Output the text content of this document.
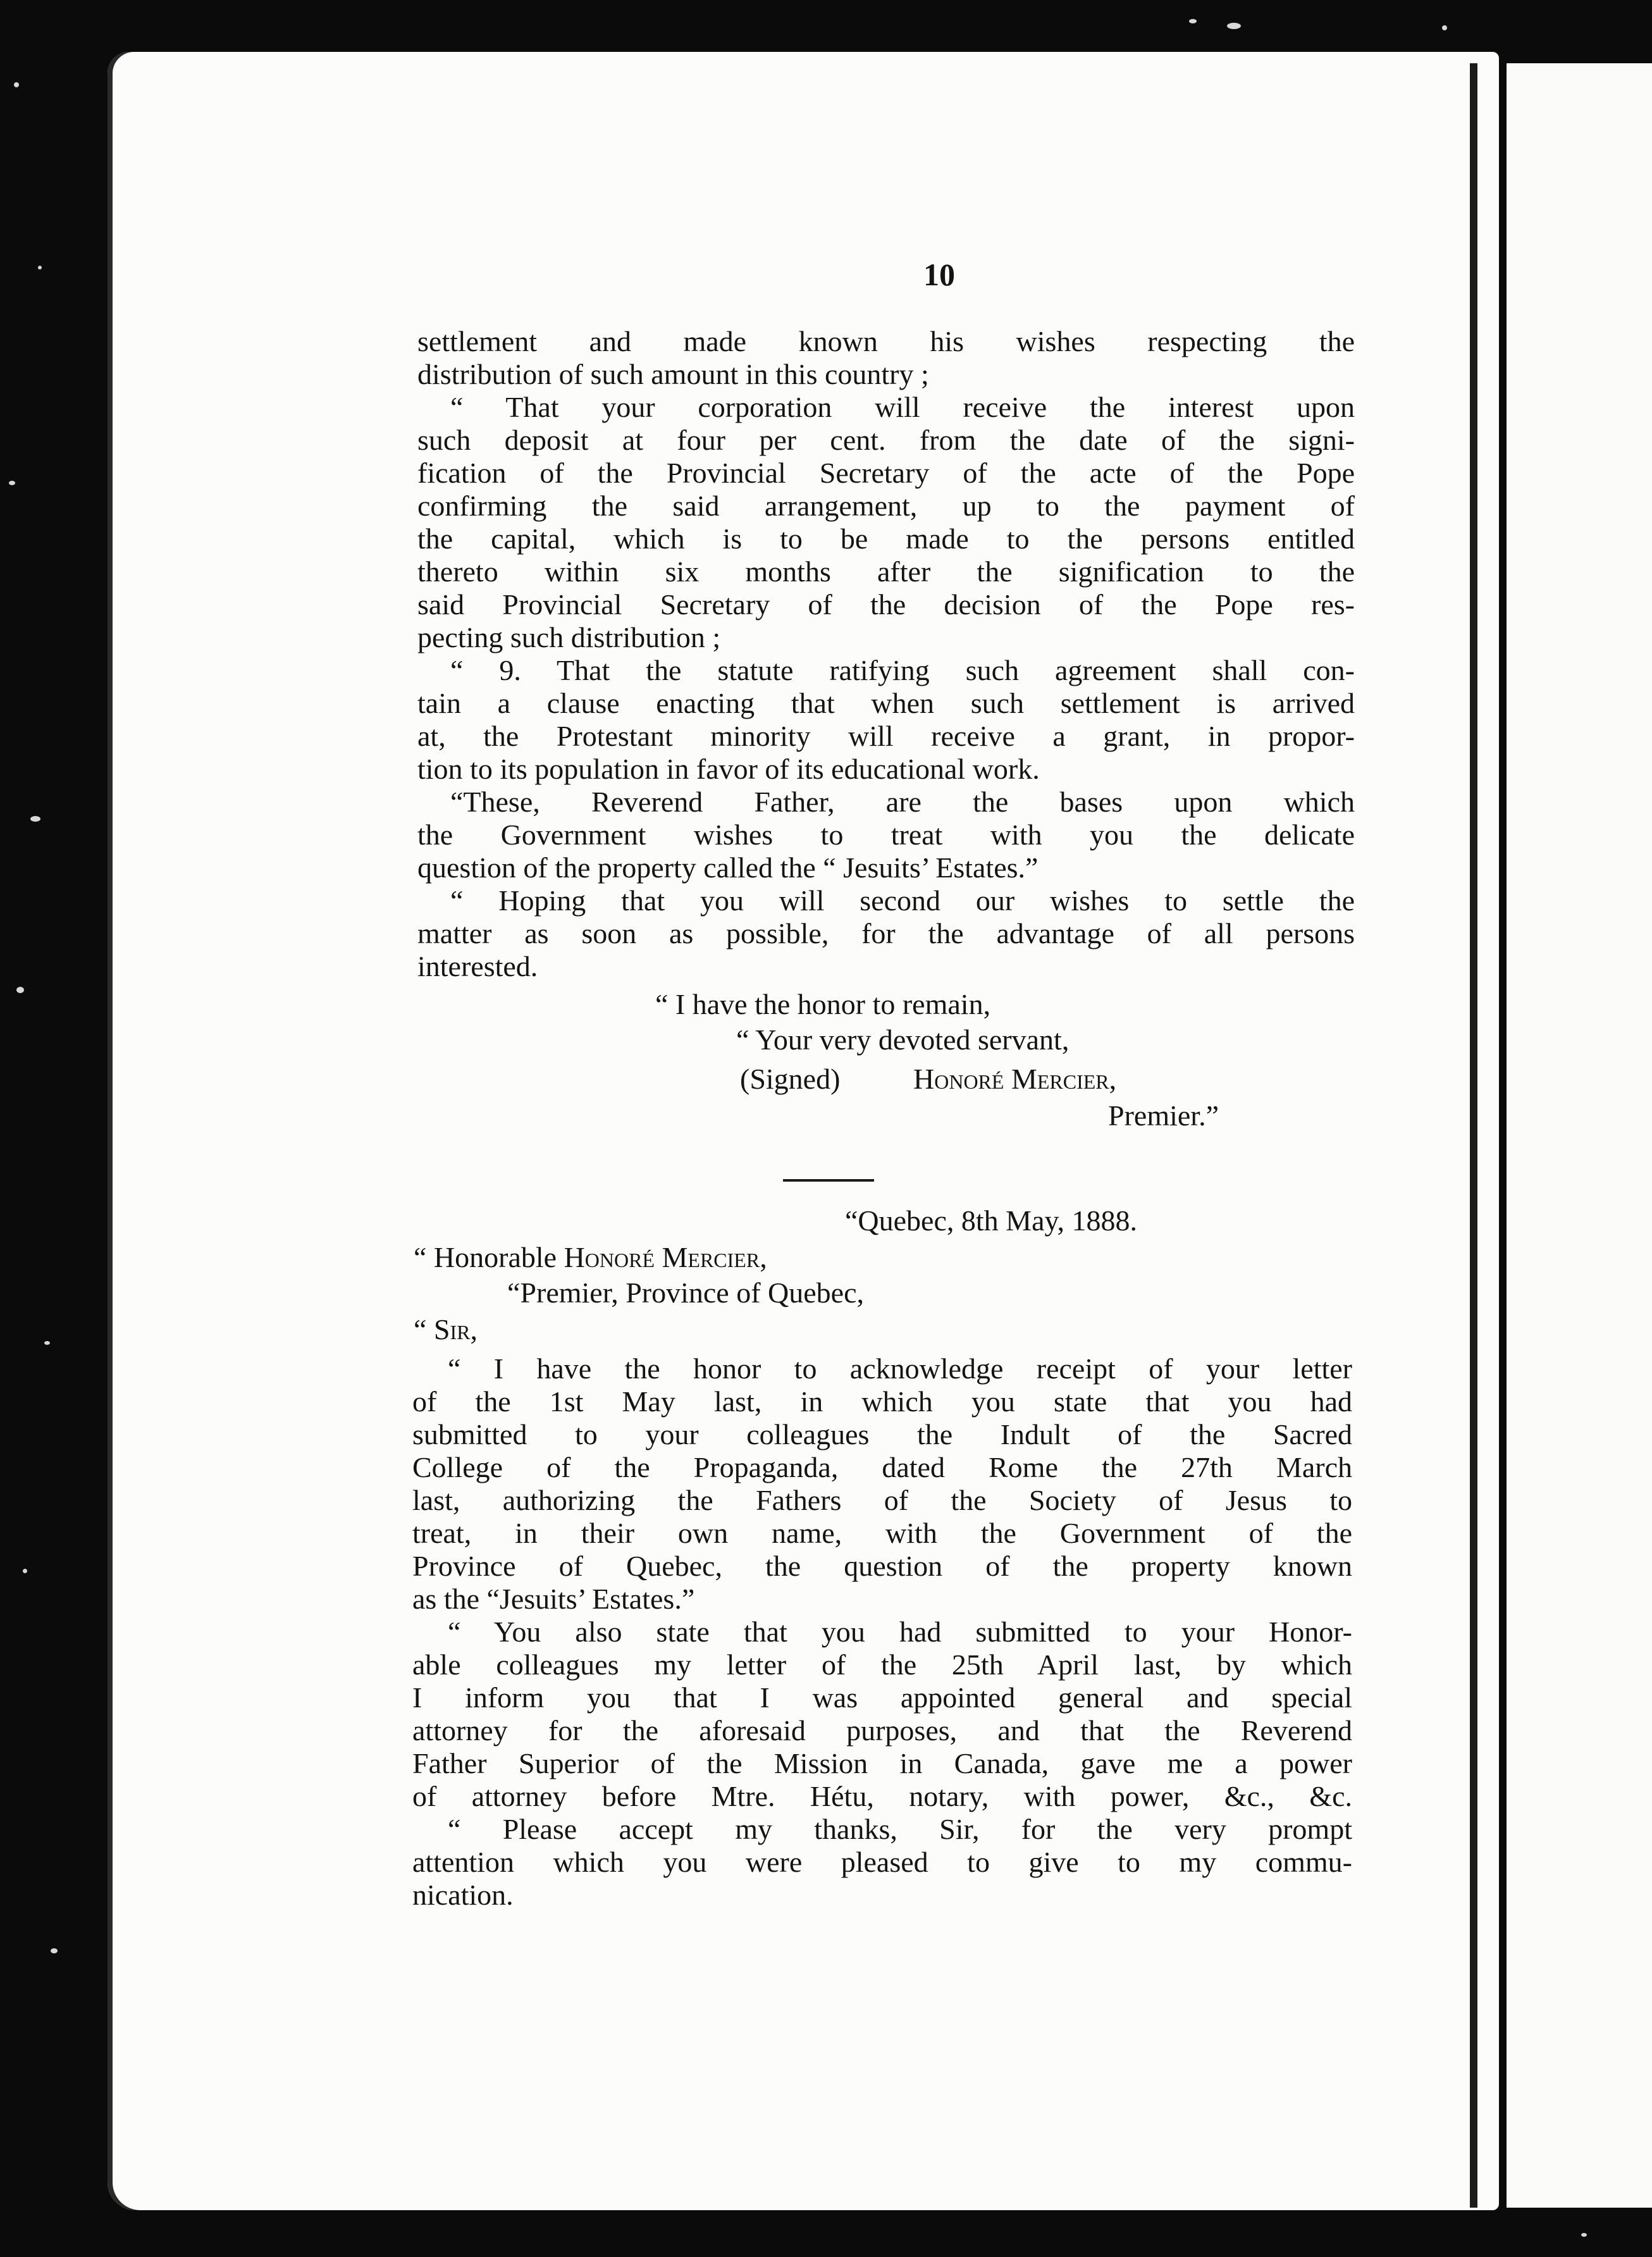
10
settlement and made known his wishes respecting the
distribution of such amount in this country ;
“ That your corporation will receive the interest upon
such deposit at four per cent. from the date of the signi-
fication of the Provincial Secretary of the acte of the Pope
confirming the said arrangement, up to the payment of
the capital, which is to be made to the persons entitled
thereto within six months after the signification to the
said Provincial Secretary of the decision of the Pope res-
pecting such distribution ;
“ 9. That the statute ratifying such agreement shall con-
tain a clause enacting that when such settlement is arrived
at, the Protestant minority will receive a grant, in propor-
tion to its population in favor of its educational work.
“These, Reverend Father, are the bases upon which
the Government wishes to treat with you the delicate
question of the property called the “ Jesuits’ Estates.”
“ Hoping that you will second our wishes to settle the
matter as soon as possible, for the advantage of all persons
interested.
“ I have the honor to remain,
“ Your very devoted servant,
(Signed)	Honoré Mercier,
Premier.”
“Quebec, 8th May, 1888.
“ Honorable Honoré Mercier,
“Premier, Province of Quebec,
“ Sir,
“ I have the honor to acknowledge receipt of your letter
of the 1st May last, in which you state that you had
submitted to your colleagues the Indult of the Sacred
College of the Propaganda, dated Rome the 27th March
last, authorizing the Fathers of the Society of Jesus to
treat, in their own name, with the Government of the
Province of Quebec, the question of the property known
as the “Jesuits’ Estates.”
“ You also state that you had submitted to your Honor-
able colleagues my letter of the 25th April last, by which
I inform you that I was appointed general and special
attorney for the aforesaid purposes, and that the Reverend
Father Superior of the Mission in Canada, gave me a power
of attorney before Mtre. Hétu, notary, with power, &c., &c.
“ Please accept my thanks, Sir, for the very prompt
attention which you were pleased to give to my commu-
nication.
